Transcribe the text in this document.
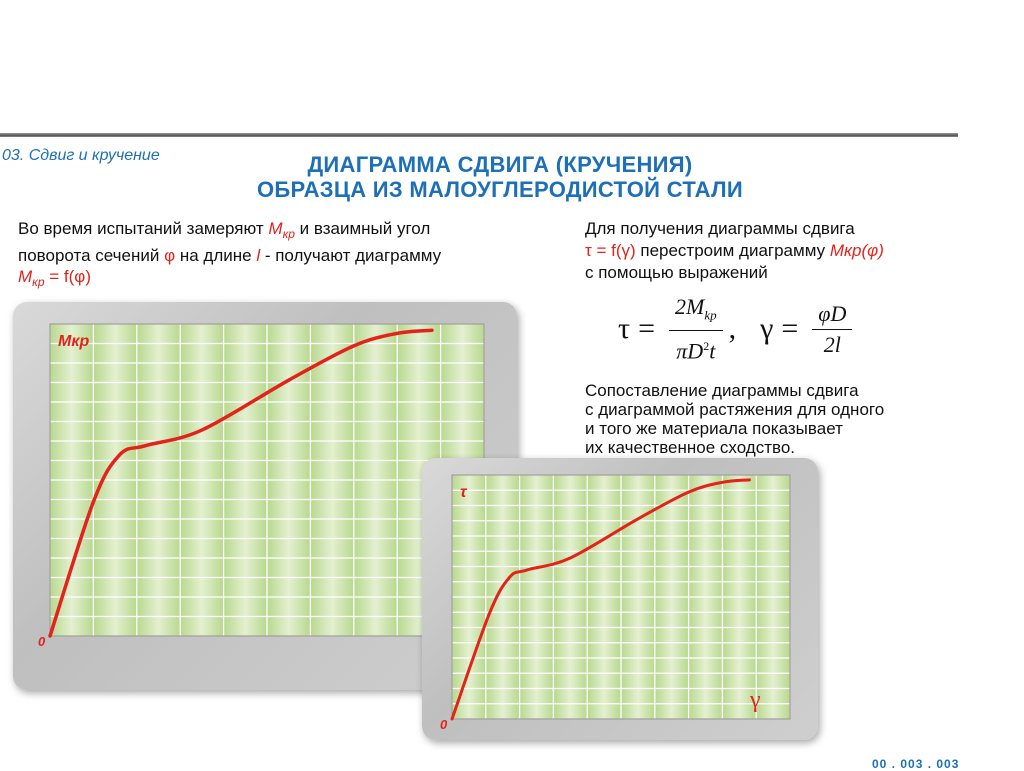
03. Сдвиг и кручение	ДИАГРАММА СДВИГА (КРУЧЕНИЯ)
ОБРАЗЦА ИЗ МАЛОУГЛЕРОДИСТОЙ СТАЛИ
Во время испытаний замеряют $M_{кр}$ и взаимный угол
поворота сечений φ на длине l - получают диаграмму
$M_{кр} = f(\varphi)$
Для получения диаграммы сдвига
τ = f(γ) перестроим диаграмму Мкр(φ)
с помощью выражений
$\tau = \frac{2M_{kp}}{\pi D^2t}$ , $\gamma = \frac{\varphi D}{2l}$
Сопоставление диаграммы сдвига
с диаграммой растяжения для одного
и того же материала показывает
их качественное сходство.
Mкр
0
τ
γ
0
00 . 003 . 003
